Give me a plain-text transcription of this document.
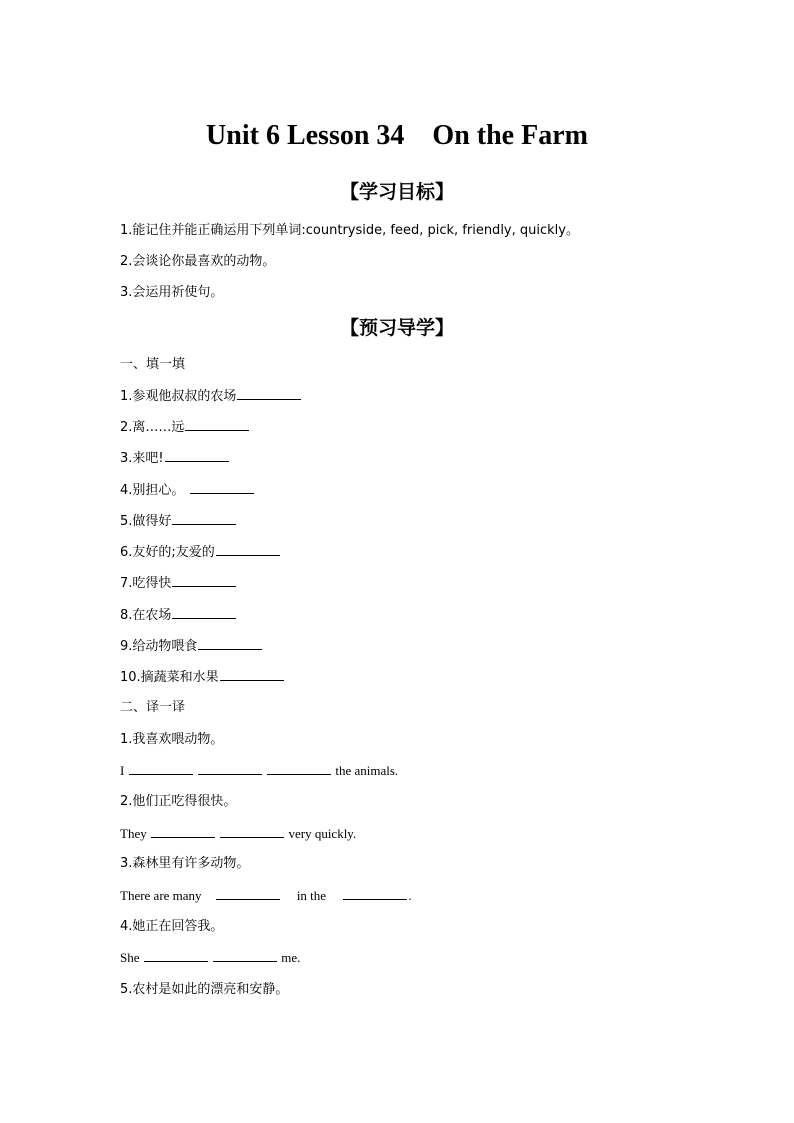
Unit 6 Lesson 34    On the Farm
【学习目标】
1.能记住并能正确运用下列单词:countryside, feed, pick, friendly, quickly。
2.会谈论你最喜欢的动物。
3.会运用祈使句。
【预习导学】
一、填一填
1.参观他叔叔的农场
2.离……远
3.来吧!
4.别担心。
5.做得好
6.友好的;友爱的
7.吃得快
8.在农场
9.给动物喂食
10.摘蔬菜和水果
二、译一译
1.我喜欢喂动物。
I	the animals.
2.他们正吃得很快。
They	very quickly.
3.森林里有许多动物。
There are many	in the	.
4.她正在回答我。
She	me.
5.农村是如此的漂亮和安静。
